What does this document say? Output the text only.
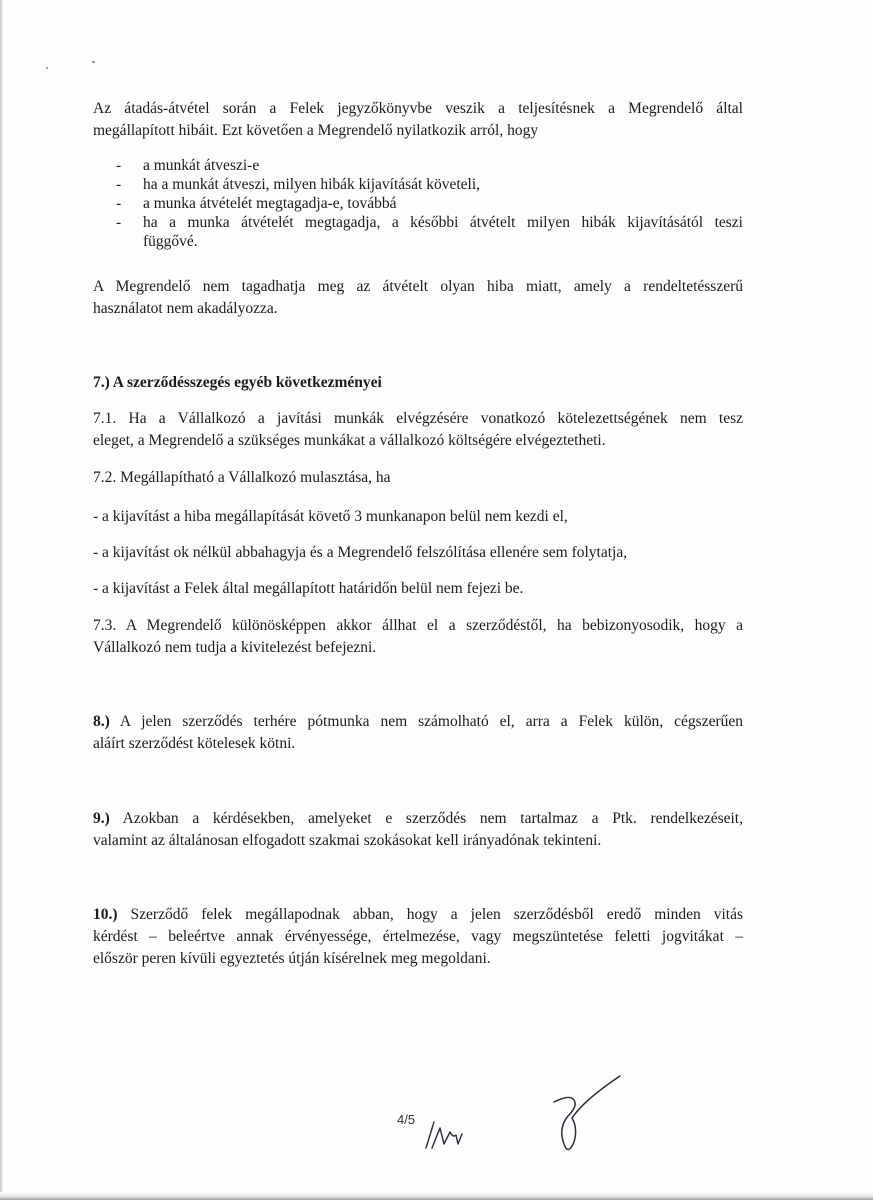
Az átadás-átvétel során a Felek jegyzőkönyvbe veszik a teljesítésnek a Megrendelő által
megállapított hibáit. Ezt követően a Megrendelő nyilatkozik arról, hogy
- a munkát átveszi-e
- ha a munkát átveszi, milyen hibák kijavítását követeli,
- a munka átvételét megtagadja-e, továbbá
- ha a munka átvételét megtagadja, a későbbi átvételt milyen hibák kijavításától teszi
függővé.
A Megrendelő nem tagadhatja meg az átvételt olyan hiba miatt, amely a rendeltetésszerű
használatot nem akadályozza.
7.) A szerződésszegés egyéb következményei
7.1. Ha a Vállalkozó a javítási munkák elvégzésére vonatkozó kötelezettségének nem tesz
eleget, a Megrendelő a szükséges munkákat a vállalkozó költségére elvégeztetheti.
7.2. Megállapítható a Vállalkozó mulasztása, ha
- a kijavítást a hiba megállapítását követő 3 munkanapon belül nem kezdi el,
- a kijavítást ok nélkül abbahagyja és a Megrendelő felszólítása ellenére sem folytatja,
- a kijavítást a Felek által megállapított határidőn belül nem fejezi be.
7.3. A Megrendelő különösképpen akkor állhat el a szerződéstől, ha bebizonyosodik, hogy a
Vállalkozó nem tudja a kivitelezést befejezni.
8.) A jelen szerződés terhére pótmunka nem számolható el, arra a Felek külön, cégszerűen
aláírt szerződést kötelesek kötni.
9.) Azokban a kérdésekben, amelyeket e szerződés nem tartalmaz a Ptk. rendelkezéseit,
valamint az általánosan elfogadott szakmai szokásokat kell irányadónak tekinteni.
10.) Szerződő felek megállapodnak abban, hogy a jelen szerződésből eredő minden vitás
kérdést – beleértve annak érvényessége, értelmezése, vagy megszüntetése feletti jogvitákat –
először peren kívüli egyeztetés útján kísérelnek meg megoldani.
4/5
